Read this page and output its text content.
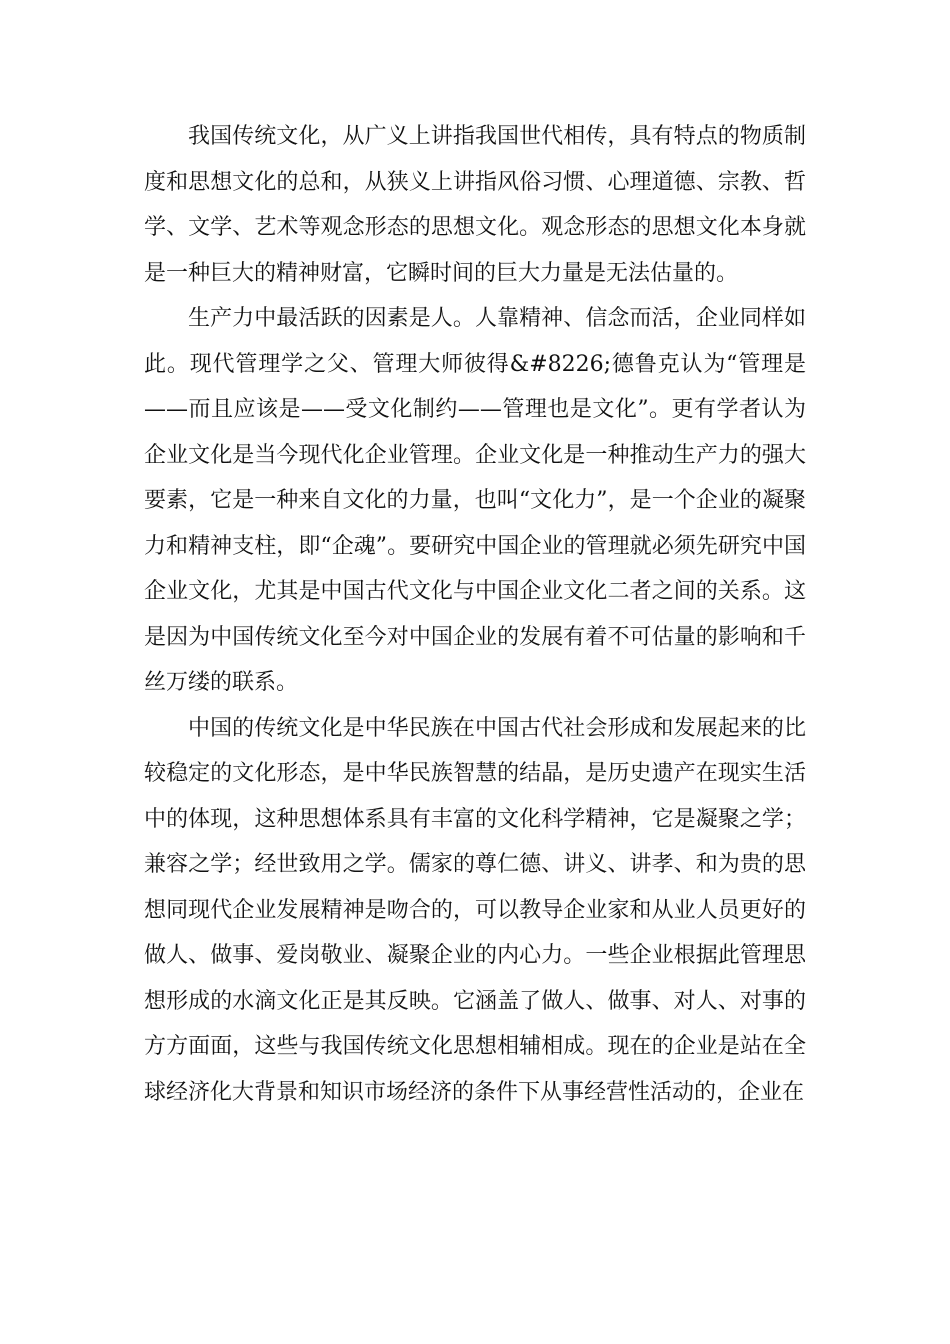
我国传统文化，从广义上讲指我国世代相传，具有特点的物质制度和思想文化的总和，从狭义上讲指风俗习惯、心理道德、宗教、哲学、文学、艺术等观念形态的思想文化。观念形态的思想文化本身就是一种巨大的精神财富，它瞬时间的巨大力量是无法估量的。

生产力中最活跃的因素是人。人靠精神、信念而活，企业同样如此。现代管理学之父、管理大师彼得&#8226;德鲁克认为“管理是——而且应该是——受文化制约——管理也是文化”。更有学者认为企业文化是当今现代化企业管理。企业文化是一种推动生产力的强大要素，它是一种来自文化的力量，也叫“文化力”，是一个企业的凝聚力和精神支柱，即“企魂”。要研究中国企业的管理就必须先研究中国企业文化，尤其是中国古代文化与中国企业文化二者之间的关系。这是因为中国传统文化至今对中国企业的发展有着不可估量的影响和千丝万缕的联系。

中国的传统文化是中华民族在中国古代社会形成和发展起来的比较稳定的文化形态，是中华民族智慧的结晶，是历史遗产在现实生活中的体现，这种思想体系具有丰富的文化科学精神，它是凝聚之学；兼容之学；经世致用之学。儒家的尊仁德、讲义、讲孝、和为贵的思想同现代企业发展精神是吻合的，可以教导企业家和从业人员更好的做人、做事、爱岗敬业、凝聚企业的内心力。一些企业根据此管理思想形成的水滴文化正是其反映。它涵盖了做人、做事、对人、对事的方方面面，这些与我国传统文化思想相辅相成。现在的企业是站在全球经济化大背景和知识市场经济的条件下从事经营性活动的，企业在
